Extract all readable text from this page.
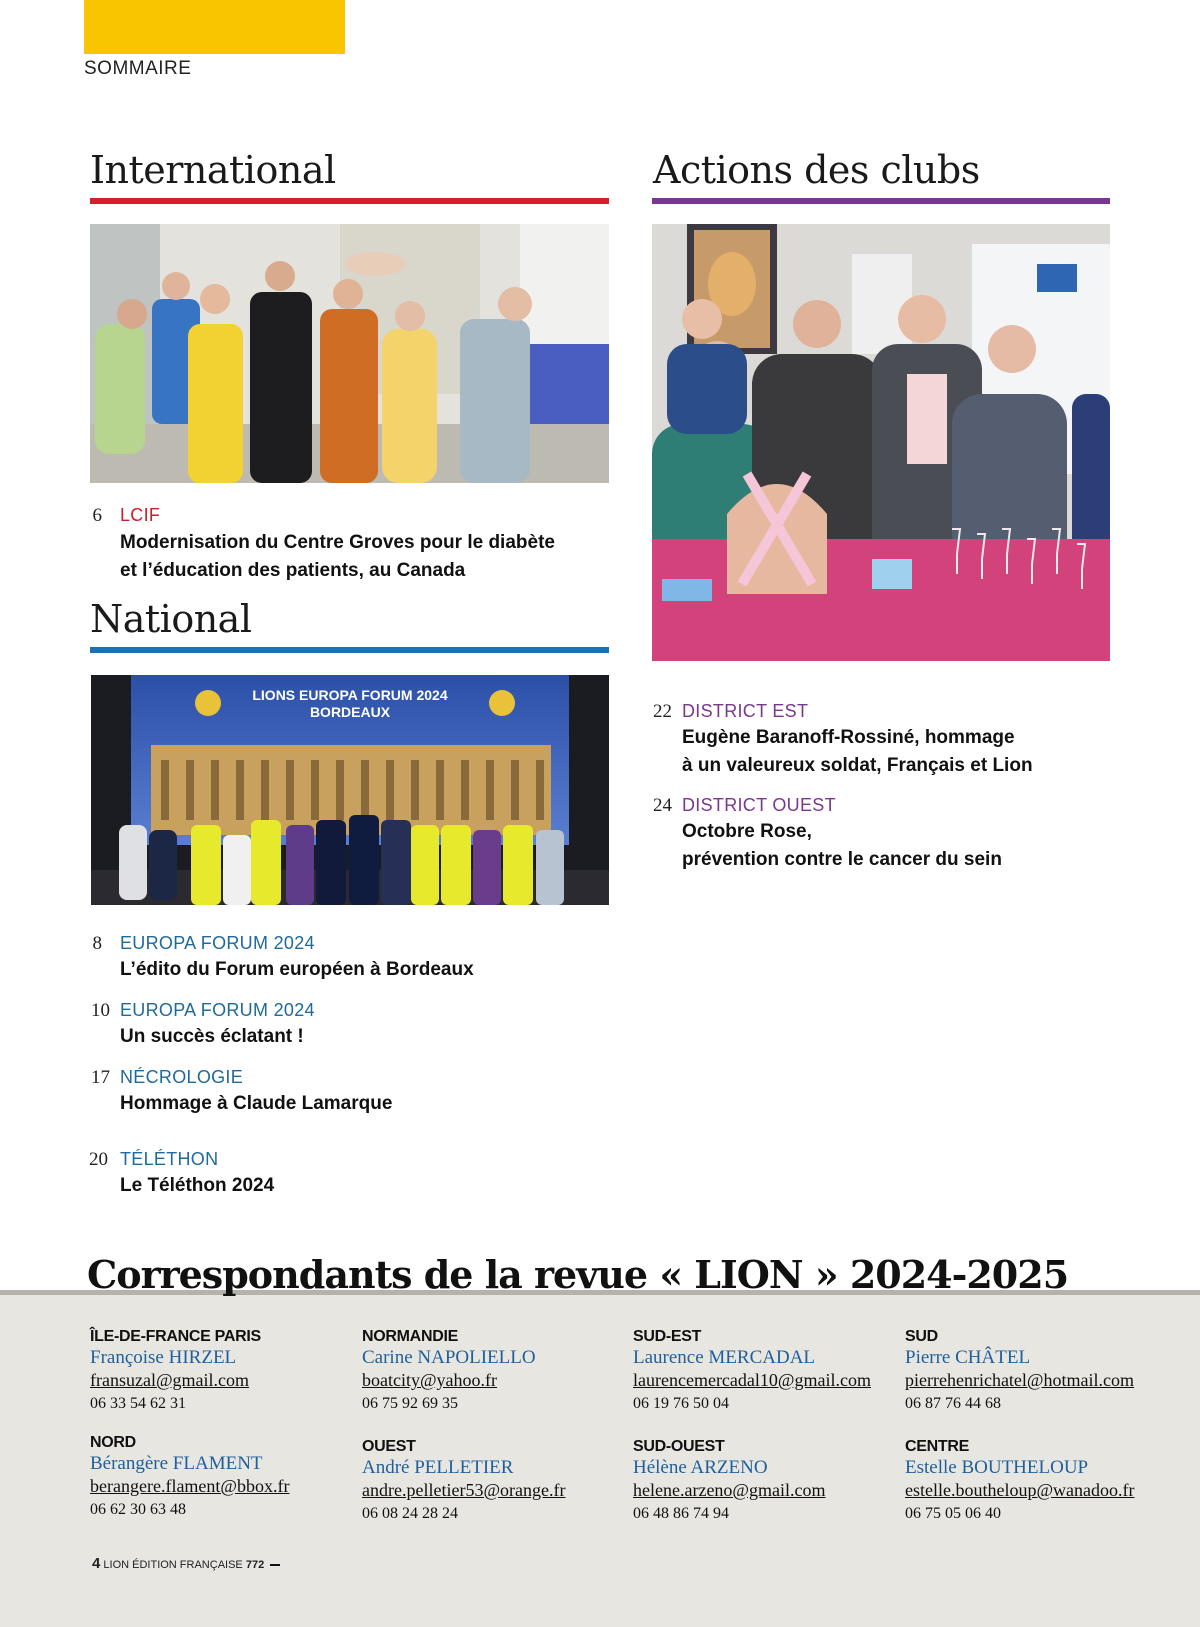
SOMMAIRE
International
6 LCIF
Modernisation du Centre Groves pour le diabète
et l’éducation des patients, au Canada
National
LIONS EUROPA FORUM 2024
BORDEAUX
8 EUROPA FORUM 2024
L’édito du Forum européen à Bordeaux
10 EUROPA FORUM 2024
Un succès éclatant !
17 NÉCROLOGIE
Hommage à Claude Lamarque
20 TÉLÉTHON
Le Téléthon 2024
Actions des clubs
22 DISTRICT EST
Eugène Baranoff-Rossiné, hommage
à un valeureux soldat, Français et Lion
24 DISTRICT OUEST
Octobre Rose,
prévention contre le cancer du sein
Correspondants de la revue « LION » 2024-2025
ÎLE-DE-FRANCE PARIS
Françoise HIRZEL
fransuzal@gmail.com
06 33 54 62 31
NORMANDIE
Carine NAPOLIELLO
boatcity@yahoo.fr
06 75 92 69 35
SUD-EST
Laurence MERCADAL
laurencemercadal10@gmail.com
06 19 76 50 04
SUD
Pierre CHÂTEL
pierrehenrichatel@hotmail.com
06 87 76 44 68
NORD
Bérangère FLAMENT
berangere.flament@bbox.fr
06 62 30 63 48
OUEST
André PELLETIER
andre.pelletier53@orange.fr
06 08 24 28 24
SUD-OUEST
Hélène ARZENO
helene.arzeno@gmail.com
06 48 86 74 94
CENTRE
Estelle BOUTHELOUP
estelle.boutheloup@wanadoo.fr
06 75 05 06 40
4 LION ÉDITION FRANÇAISE 772
